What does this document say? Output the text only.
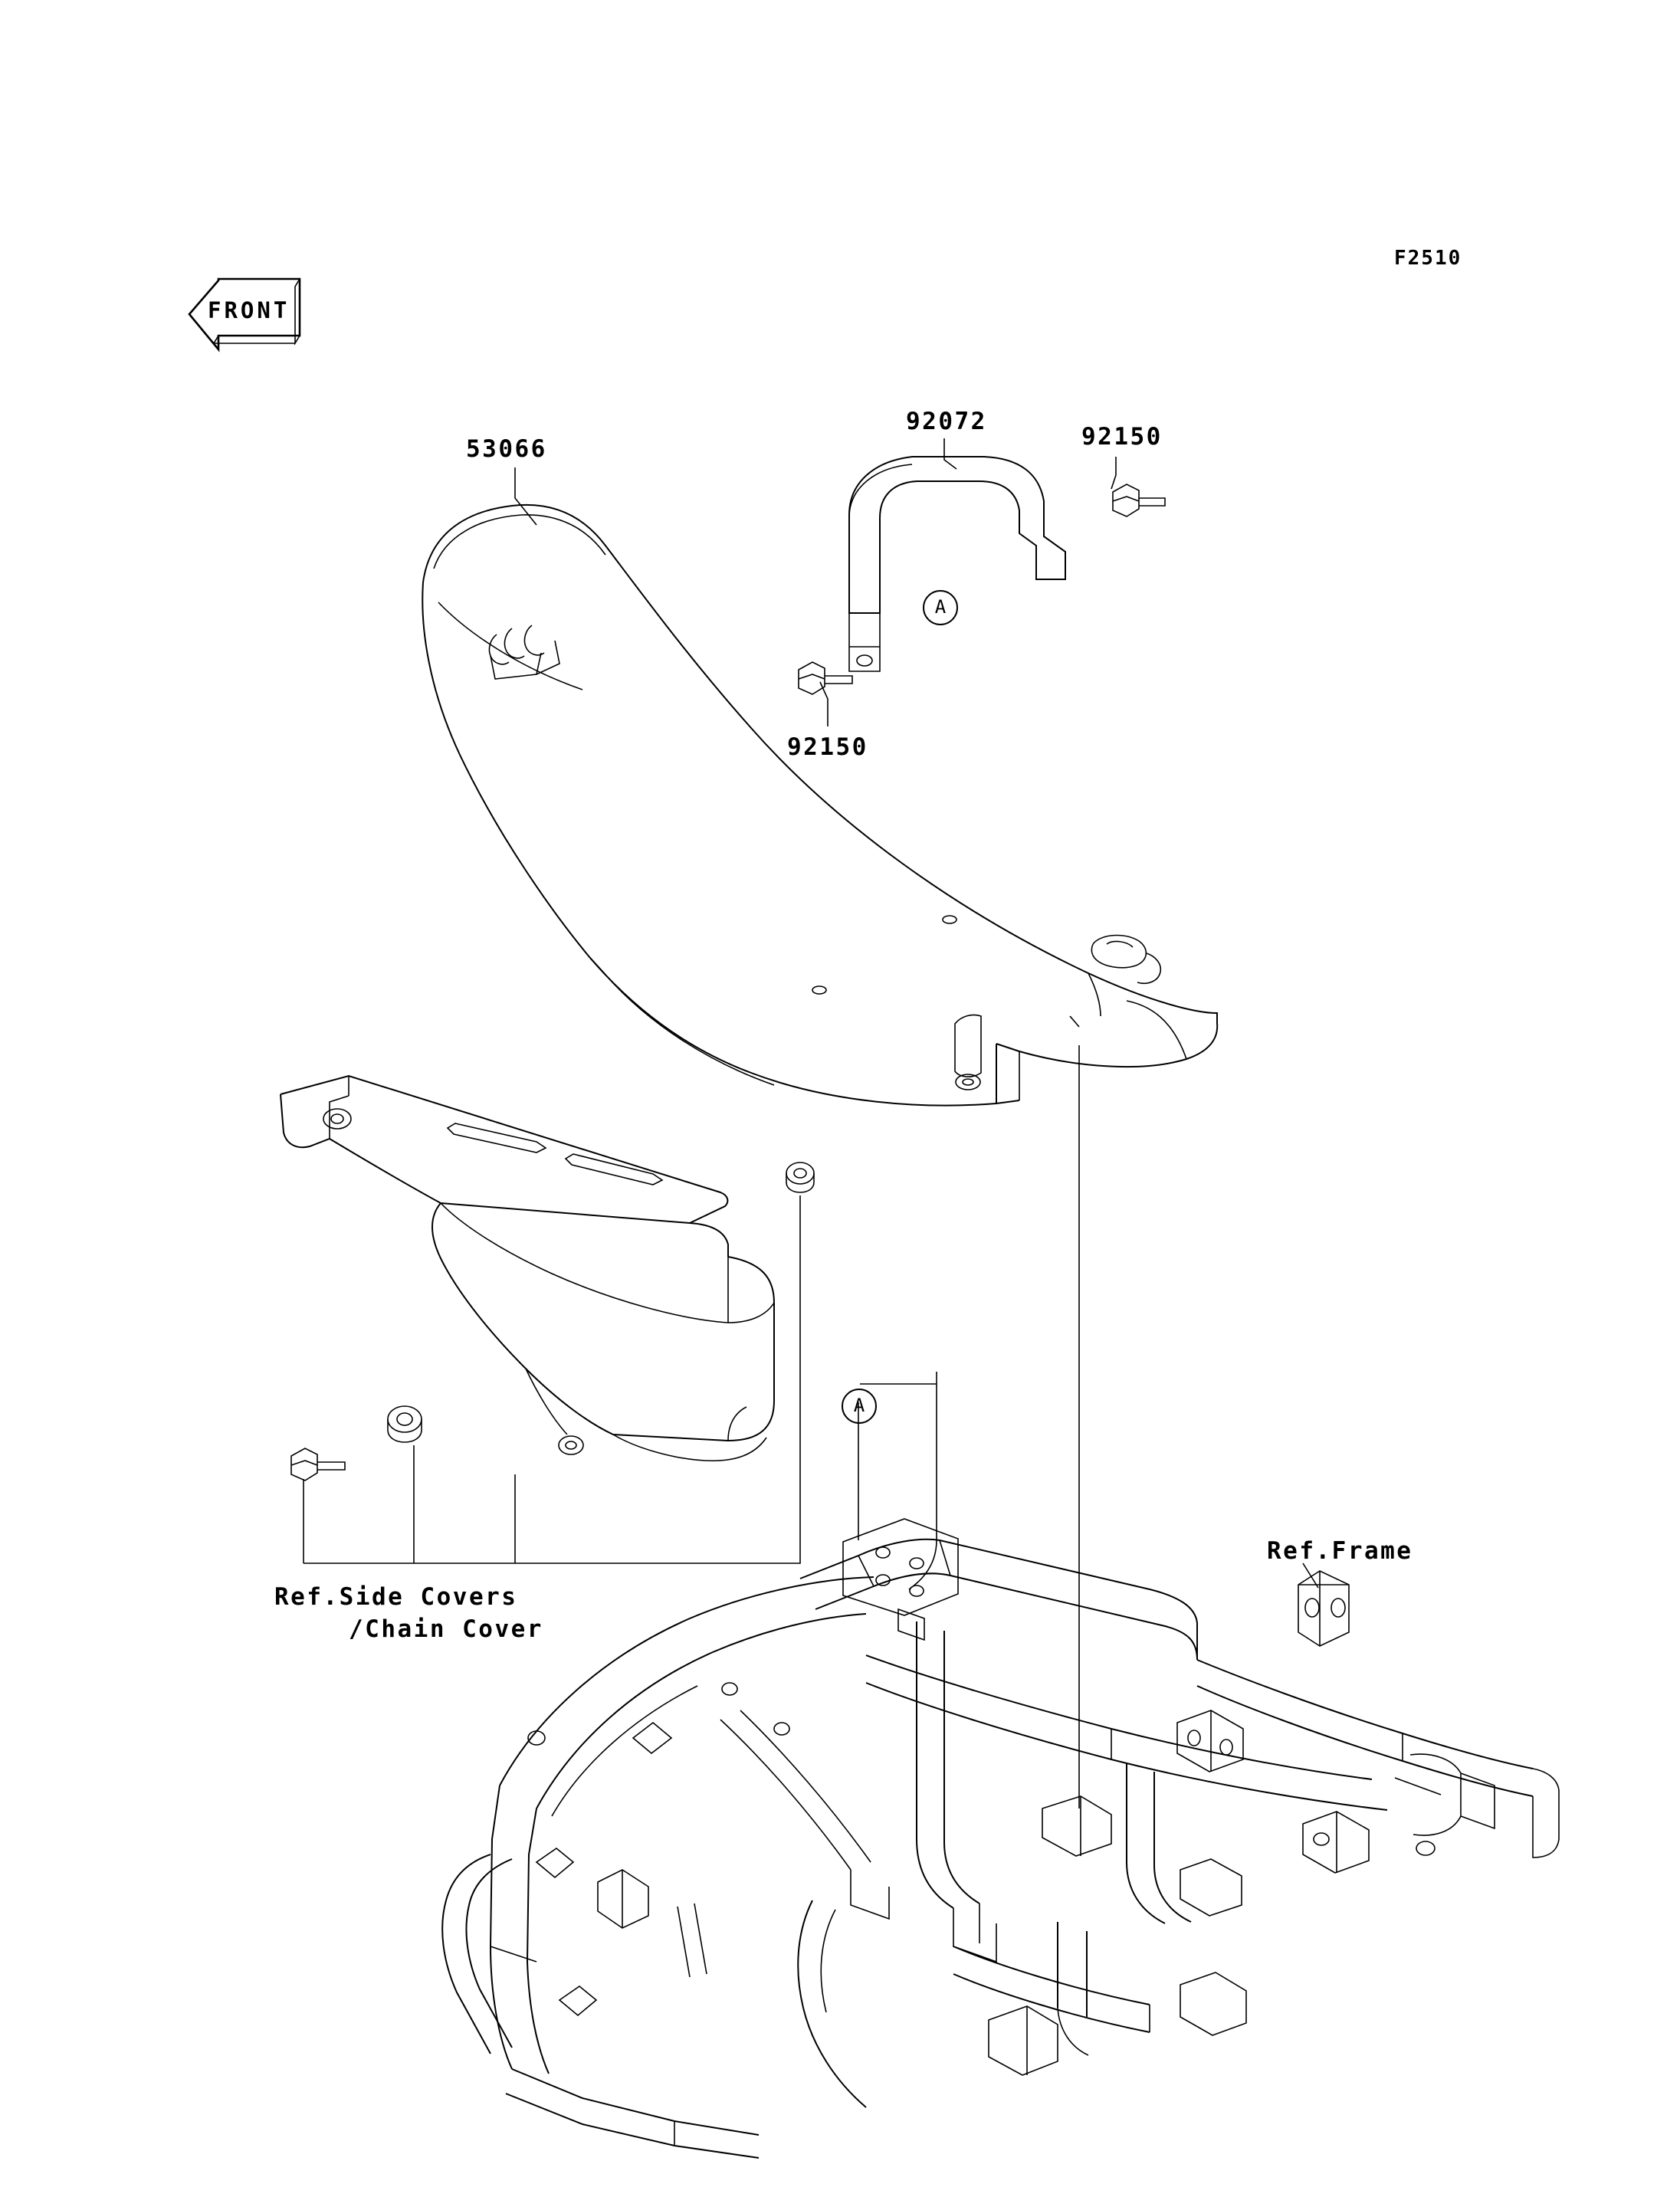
F2510
FRONT
53066
92072
92150
92150
Ref.Side Covers
/Chain Cover
Ref.Frame
A
A
